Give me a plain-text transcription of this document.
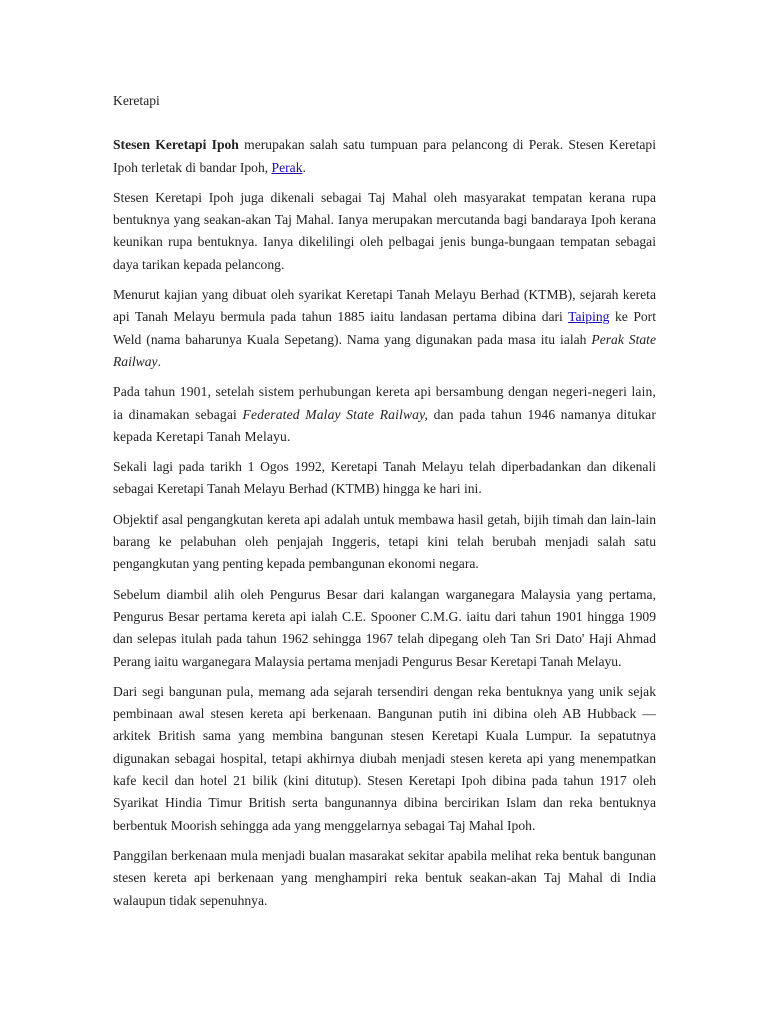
Keretapi

Stesen Keretapi Ipoh merupakan salah satu tumpuan para pelancong di Perak. Stesen Keretapi Ipoh terletak di bandar Ipoh, Perak.

Stesen Keretapi Ipoh juga dikenali sebagai Taj Mahal oleh masyarakat tempatan kerana rupa bentuknya yang seakan-akan Taj Mahal. Ianya merupakan mercutanda bagi bandaraya Ipoh kerana keunikan rupa bentuknya. Ianya dikelilingi oleh pelbagai jenis bunga-bungaan tempatan sebagai daya tarikan kepada pelancong.

Menurut kajian yang dibuat oleh syarikat Keretapi Tanah Melayu Berhad (KTMB), sejarah kereta api Tanah Melayu bermula pada tahun 1885 iaitu landasan pertama dibina dari Taiping ke Port Weld (nama baharunya Kuala Sepetang). Nama yang digunakan pada masa itu ialah Perak State Railway.

Pada tahun 1901, setelah sistem perhubungan kereta api bersambung dengan negeri-negeri lain, ia dinamakan sebagai Federated Malay State Railway, dan pada tahun 1946 namanya ditukar kepada Keretapi Tanah Melayu.

Sekali lagi pada tarikh 1 Ogos 1992, Keretapi Tanah Melayu telah diperbadankan dan dikenali sebagai Keretapi Tanah Melayu Berhad (KTMB) hingga ke hari ini.

Objektif asal pengangkutan kereta api adalah untuk membawa hasil getah, bijih timah dan lain-lain barang ke pelabuhan oleh penjajah Inggeris, tetapi kini telah berubah menjadi salah satu pengangkutan yang penting kepada pembangunan ekonomi negara.

Sebelum diambil alih oleh Pengurus Besar dari kalangan warganegara Malaysia yang pertama, Pengurus Besar pertama kereta api ialah C.E. Spooner C.M.G. iaitu dari tahun 1901 hingga 1909 dan selepas itulah pada tahun 1962 sehingga 1967 telah dipegang oleh Tan Sri Dato' Haji Ahmad Perang iaitu warganegara Malaysia pertama menjadi Pengurus Besar Keretapi Tanah Melayu.

Dari segi bangunan pula, memang ada sejarah tersendiri dengan reka bentuknya yang unik sejak pembinaan awal stesen kereta api berkenaan. Bangunan putih ini dibina oleh AB Hubback — arkitek British sama yang membina bangunan stesen Keretapi Kuala Lumpur. Ia sepatutnya digunakan sebagai hospital, tetapi akhirnya diubah menjadi stesen kereta api yang menempatkan kafe kecil dan hotel 21 bilik (kini ditutup). Stesen Keretapi Ipoh dibina pada tahun 1917 oleh Syarikat Hindia Timur British serta bangunannya dibina bercirikan Islam dan reka bentuknya berbentuk Moorish sehingga ada yang menggelarnya sebagai Taj Mahal Ipoh.

Panggilan berkenaan mula menjadi bualan masarakat sekitar apabila melihat reka bentuk bangunan stesen kereta api berkenaan yang menghampiri reka bentuk seakan-akan Taj Mahal di India walaupun tidak sepenuhnya.
